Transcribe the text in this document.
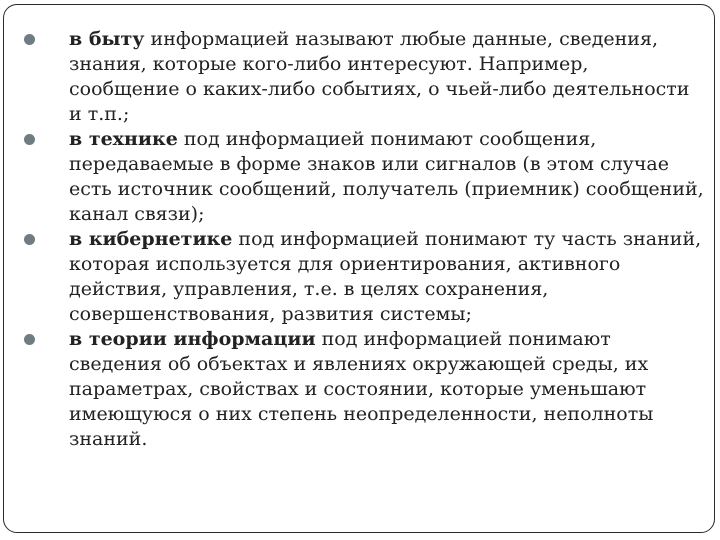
в быту информацией называют любые данные, сведения, знания, которые кого-либо интересуют. Например, сообщение о каких-либо событиях, о чьей-либо деятельности и т.п.;
в технике под информацией понимают сообщения, передаваемые в форме знаков или сигналов (в этом случае есть источник сообщений, получатель (приемник) сообщений, канал связи);
в кибернетике под информацией понимают ту часть знаний, которая используется для ориентирования, активного действия, управления, т.е. в целях сохранения, совершенствования, развития системы;
в теории информации под информацией понимают сведения об объектах и явлениях окружающей среды, их параметрах, свойствах и состоянии, которые уменьшают имеющуюся о них степень неопределенности, неполноты знаний.
